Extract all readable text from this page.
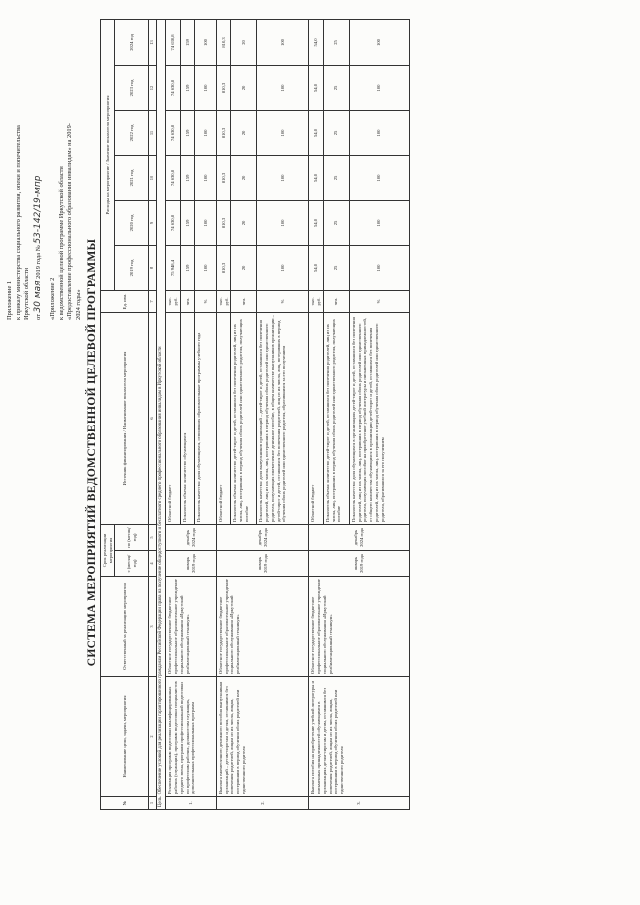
Приложение 1 к приказу министерства социального развития, опеки и попечительства Иркутской области от 30 мая 2019 года № 53-142/19-мпр
«Приложение 2 к ведомственной целевой программе Иркутской области «Предоставление профессионального образования инвалидам» на 2019- 2024 годы» СИСТЕМА МЕРОПРИЯТИЙ ВЕДОМСТВЕННОЙ ЦЕЛЕВОЙ ПРОГРАММЫ
№	Наименование цели, задачи, мероприятия	Ответственный за реализацию мероприятия	Срок реализации мероприятия		Источник финансирования / Наименование показателя мероприятия	Ед. изм.	Расходы на мероприятие / Значение показателя мероприятия					
			с (месяц/год)	по (месяц/год)			2019 год	2020 год	2021 год	2022 год	2023 год	2024 год
1	2	3	4	5	6	7	8	9	10	11	12	13
Цель. Обеспечение условий для реализации гарантированного гражданам Российской Федерации права на получение общедоступного и бесплатного среднего профессионального образования инвалидам в Иркутской области												
1.	Реализация программ подготовки квалифицированных рабочих (служащих), программ подготовки специалистов среднего звена, программ профессиональной подготовки по профессиям рабочих, должностям служащих, дополнительных профессиональных программ	Областное государственное бюджетное профессиональное образовательное учреждение социального обслуживания «Иркутский реабилитационный техникум»	январь 2019 года	декабрь 2024 года	Областной бюджет	тыс. руб.	75 948,4	74 630,8	74 630,8	74 630,8	74 630,8	74 630,8
					Показатель объема: количество обучающихся	чел.	159	159	159	159	159	159
					Показатель качества: доля обучающихся, освоивших образовательные программы учебного года	%	100	100	100	100	100	100
2.	Выплата ежемесячного денежного пособия выпускникам организаций – детям-сиротам и детям, оставшимся без попечения родителей, лицам из их числа, лицам, потерявшим в период обучения обоих родителей или единственного родителя	Областное государственное бюджетное профессиональное образовательное учреждение социального обслуживания «Иркутский реабилитационный техникум»	январь 2019 года	декабрь 2024 года	Областной бюджет	тыс. руб.	810,3	810,3	810,3	810,3	810,3	810,3
					Показатель объема: количество детей-сирот и детей, оставшихся без попечения родителей, лиц из их числа, лиц, потерявших в период обучения обоих родителей или единственного родителя, получающих пособие	чел.	20	20	20	20	20	20
					Показатель качества: доля выпускников организаций – детей-сирот и детей, оставшихся без попечения родителей, лиц из их числа, лиц, потерявших в период обучения обоих родителей или единственного родителя, получающих ежемесячное денежное пособие, в общем количестве выпускников организации – детей-сирот и детей, оставшихся без попечения родителей, лиц из их числа, лиц, потерявших в период обучения обоих родителей или единственного родителя, обратившихся за его получением	%	100	100	100	100	100	100
3.	Выплата пособия на приобретение учебной литературы и письменных принадлежностей обучающимся в организациях детям-сиротам и детям, оставшимся без попечения родителей, лицам из их числа, лицам, потерявшим в период обучения обоих родителей или единственного родителя	Областное государственное бюджетное профессиональное образовательное учреждение социального обслуживания «Иркутский реабилитационный техникум»	январь 2019 года	декабрь 2024 года	Областной бюджет	тыс. руб.	54,0	54,0	54,0	54,0	54,0	54,0
					Показатель объема: количество детей-сирот и детей, оставшихся без попечения родителей, лиц из их числа, лиц, потерявших в период обучения обоих родителей или единственного родителя, получающих пособие	чел.	25	25	25	25	25	25
					Показатель качества: доля обучающихся в организациях детей-сирот и детей, оставшихся без попечения родителей, лиц из их числа, лиц, потерявших в период обучения обоих родителей или единственного родителя, получающих пособие на приобретение учебной литературы и письменных принадлежностей, от общего количества обучающихся в организации детей-сирот и детей, оставшихся без попечения родителей, лиц из их числа, лиц, потерявших в период обучения обоих родителей или единственного родителя, обратившихся за его получением	%	100	100	100	100	100	100
